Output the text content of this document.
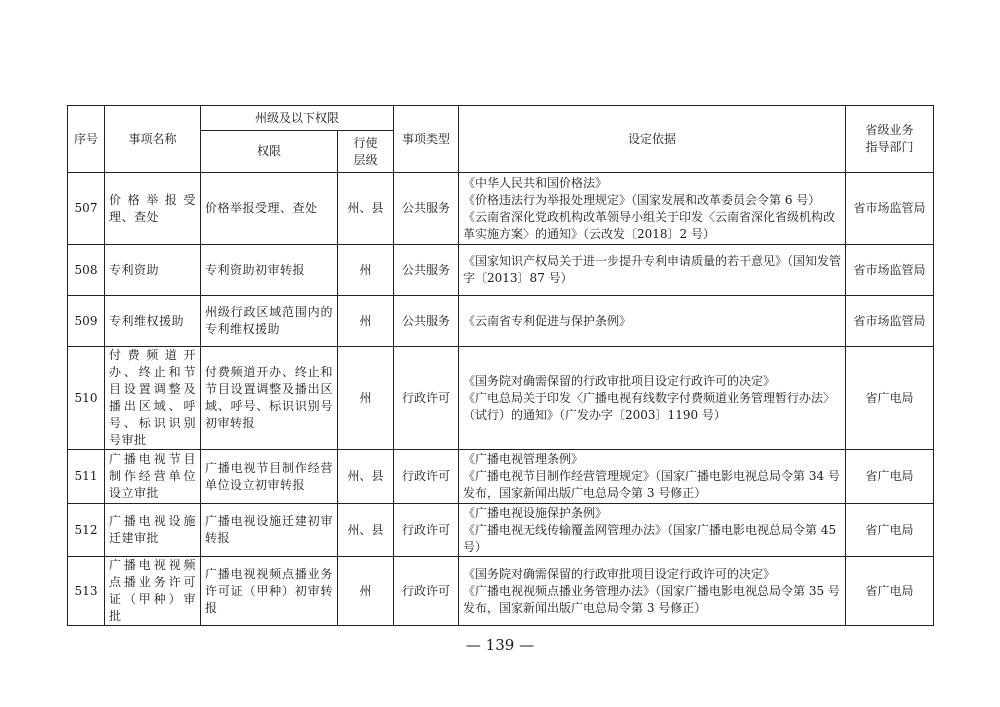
序号	事项名称	州级及以下权限		事项类型	设定依据	省级业务指导部门
		权限	行使层级			
507	价格举报受理、查处	价格举报受理、查处	州、县	公共服务	《中华人民共和国价格法》
《价格违法行为举报处理规定》（国家发展和改革委员会令第 6 号）
《云南省深化党政机构改革领导小组关于印发〈云南省深化省级机构改革实施方案〉的通知》（云改发〔2018〕2 号）	省市场监管局
508	专利资助	专利资助初审转报	州	公共服务	《国家知识产权局关于进一步提升专利申请质量的若干意见》（国知发管字〔2013〕87 号）	省市场监管局
509	专利维权援助	州级行政区域范围内的专利维权援助	州	公共服务	《云南省专利促进与保护条例》	省市场监管局
510	付费频道开办、终止和节目设置调整及播出区域、呼号、标识识别号审批	付费频道开办、终止和节目设置调整及播出区域、呼号、标识识别号初审转报	州	行政许可	《国务院对确需保留的行政审批项目设定行政许可的决定》
《广电总局关于印发〈广播电视有线数字付费频道业务管理暂行办法〉（试行）的通知》（广发办字〔2003〕1190 号）	省广电局
511	广播电视节目制作经营单位设立审批	广播电视节目制作经营单位设立初审转报	州、县	行政许可	《广播电视管理条例》
《广播电视节目制作经营管理规定》（国家广播电影电视总局令第 34 号发布，国家新闻出版广电总局令第 3 号修正）	省广电局
512	广播电视设施迁建审批	广播电视设施迁建初审转报	州、县	行政许可	《广播电视设施保护条例》
《广播电视无线传输覆盖网管理办法》（国家广播电影电视总局令第 45 号）	省广电局
513	广播电视视频点播业务许可证（甲种）审批	广播电视视频点播业务许可证（甲种）初审转报	州	行政许可	《国务院对确需保留的行政审批项目设定行政许可的决定》
《广播电视视频点播业务管理办法》（国家广播电影电视总局令第 35 号发布，国家新闻出版广电总局令第 3 号修正）	省广电局
— 139 —
